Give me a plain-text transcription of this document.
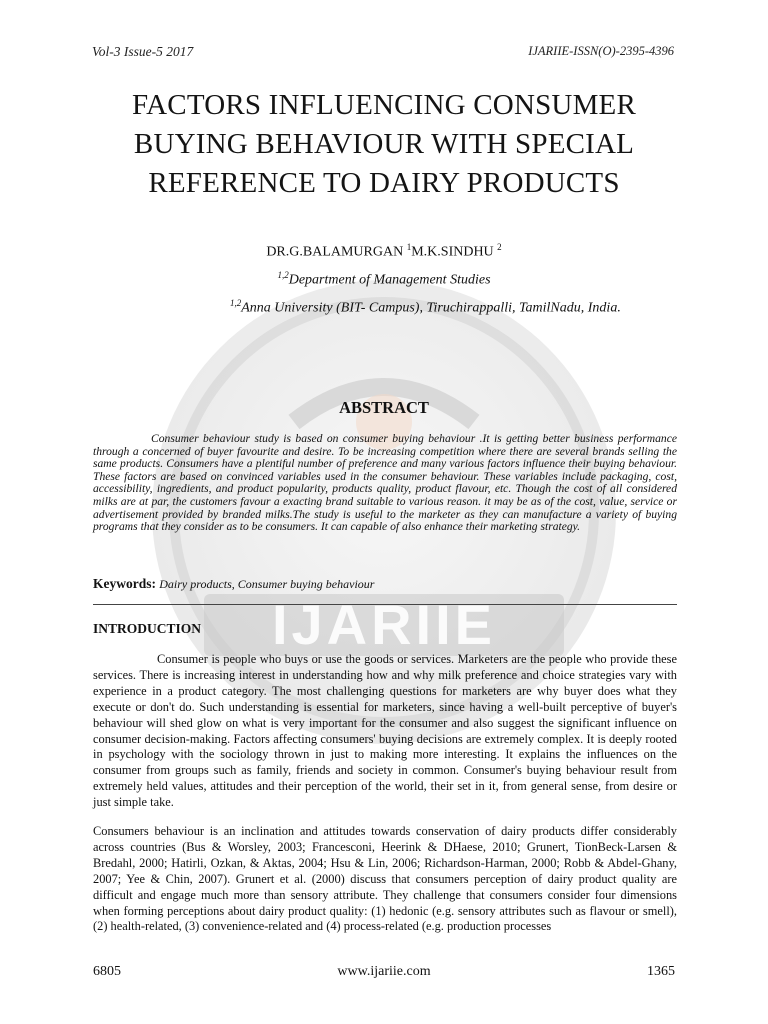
IJARIIE
Vol-3 Issue-5 2017	IJARIIE-ISSN(O)-2395-4396
FACTORS INFLUENCING CONSUMER
BUYING BEHAVIOUR WITH SPECIAL
REFERENCE TO DAIRY PRODUCTS
DR.G.BALAMURGAN $^1$M.K.SINDHU $^2$
$^{1,2}$Department of Management Studies
$^{1,2}$Anna University (BIT- Campus), Tiruchirappalli, TamilNadu, India.
ABSTRACT
Consumer behaviour study is based on consumer buying behaviour .It is getting better business performance through a concerned of buyer favourite and desire. To be increasing competition where there are several brands selling the same products. Consumers have a plentiful number of preference and many various factors influence their buying behaviour. These factors are based on convinced variables used in the consumer behaviour. These variables include packaging, cost, accessibility, ingredients, and product popularity, products quality, product flavour, etc. Though the cost of all considered milks are at par, the customers favour a exacting brand suitable to various reason. it may be as of the cost, value, service or advertisement provided by branded milks.The study is useful to the marketer as they can manufacture a variety of buying programs that they consider as to be consumers. It can capable of also enhance their marketing strategy.
Keywords: Dairy products, Consumer buying behaviour
INTRODUCTION
Consumer is people who buys or use the goods or services. Marketers are the people who provide these services. There is increasing interest in understanding how and why milk preference and choice strategies vary with experience in a product category. The most challenging questions for marketers are why buyer does what they execute or don't do. Such understanding is essential for marketers, since having a well-built perceptive of buyer's behaviour will shed glow on what is very important for the consumer and also suggest the significant influence on consumer decision-making. Factors affecting consumers' buying decisions are extremely complex. It is deeply rooted in psychology with the sociology thrown in just to making more interesting. It explains the influences on the consumer from groups such as family, friends and society in common. Consumer's buying behaviour result from extremely held values, attitudes and their perception of the world, their set in it, from general sense, from desire or just simple take.
Consumers behaviour is an inclination and attitudes towards conservation of dairy products differ considerably across countries (Bus & Worsley, 2003; Francesconi, Heerink & DHaese, 2010; Grunert, TionBeck-Larsen & Bredahl, 2000; Hatirli, Ozkan, & Aktas, 2004; Hsu & Lin, 2006; Richardson-Harman, 2000; Robb & Abdel-Ghany, 2007; Yee & Chin, 2007). Grunert et al. (2000) discuss that consumers perception of dairy product quality are difficult and engage much more than sensory attribute. They challenge that consumers consider four dimensions when forming perceptions about dairy product quality: (1) hedonic (e.g. sensory attributes such as flavour or smell), (2) health-related, (3) convenience-related and (4) process-related (e.g. production processes
6805	www.ijariie.com	1365
